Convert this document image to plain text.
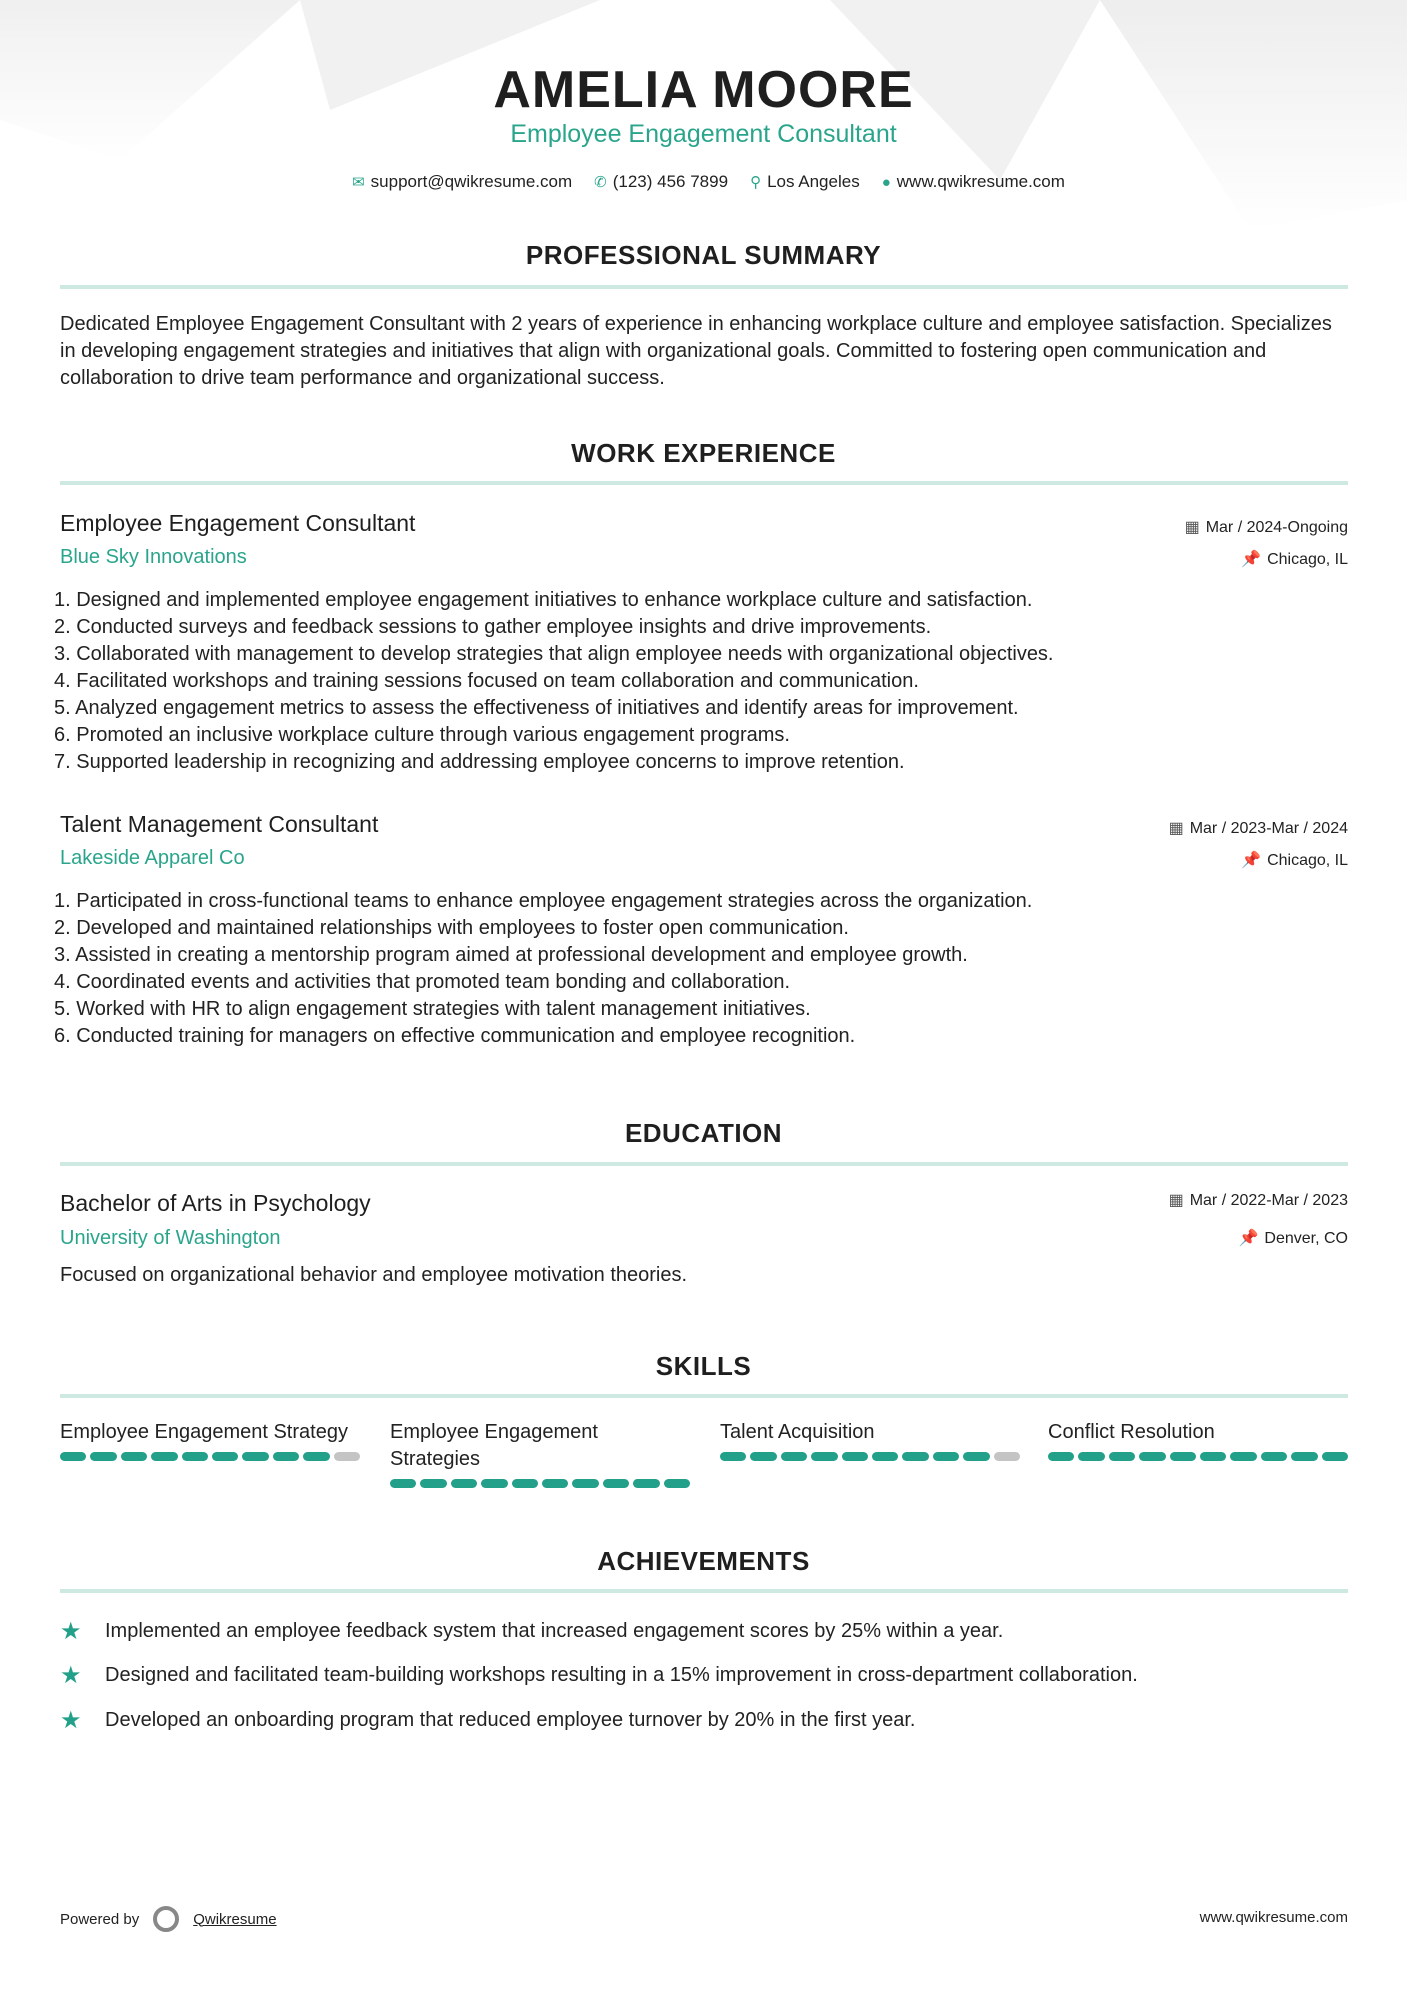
AMELIA MOORE
Employee Engagement Consultant
✉ support@qwikresume.com	✆ (123) 456 7899	⚲ Los Angeles	● www.qwikresume.com
PROFESSIONAL SUMMARY
Dedicated Employee Engagement Consultant with 2 years of experience in enhancing workplace culture and employee satisfaction. Specializes in developing engagement strategies and initiatives that align with organizational goals. Committed to fostering open communication and collaboration to drive team performance and organizational success.
WORK EXPERIENCE
Employee Engagement Consultant
Blue Sky Innovations
▦ Mar / 2024-Ongoing
📌 Chicago, IL
1. Designed and implemented employee engagement initiatives to enhance workplace culture and satisfaction.
2. Conducted surveys and feedback sessions to gather employee insights and drive improvements.
3. Collaborated with management to develop strategies that align employee needs with organizational objectives.
4. Facilitated workshops and training sessions focused on team collaboration and communication.
5. Analyzed engagement metrics to assess the effectiveness of initiatives and identify areas for improvement.
6. Promoted an inclusive workplace culture through various engagement programs.
7. Supported leadership in recognizing and addressing employee concerns to improve retention.
Talent Management Consultant
Lakeside Apparel Co
▦ Mar / 2023-Mar / 2024
📌 Chicago, IL
1. Participated in cross-functional teams to enhance employee engagement strategies across the organization.
2. Developed and maintained relationships with employees to foster open communication.
3. Assisted in creating a mentorship program aimed at professional development and employee growth.
4. Coordinated events and activities that promoted team bonding and collaboration.
5. Worked with HR to align engagement strategies with talent management initiatives.
6. Conducted training for managers on effective communication and employee recognition.
EDUCATION
Bachelor of Arts in Psychology
University of Washington
▦ Mar / 2022-Mar / 2023
📌 Denver, CO
Focused on organizational behavior and employee motivation theories.
SKILLS
Employee Engagement Strategy	Employee Engagement Strategies
Talent Acquisition	Conflict Resolution
ACHIEVEMENTS
★	Implemented an employee feedback system that increased engagement scores by 25% within a year.
★	Designed and facilitated team-building workshops resulting in a 15% improvement in cross-department collaboration.
★	Developed an onboarding program that reduced employee turnover by 20% in the first year.
Powered by	Qwikresume	www.qwikresume.com
